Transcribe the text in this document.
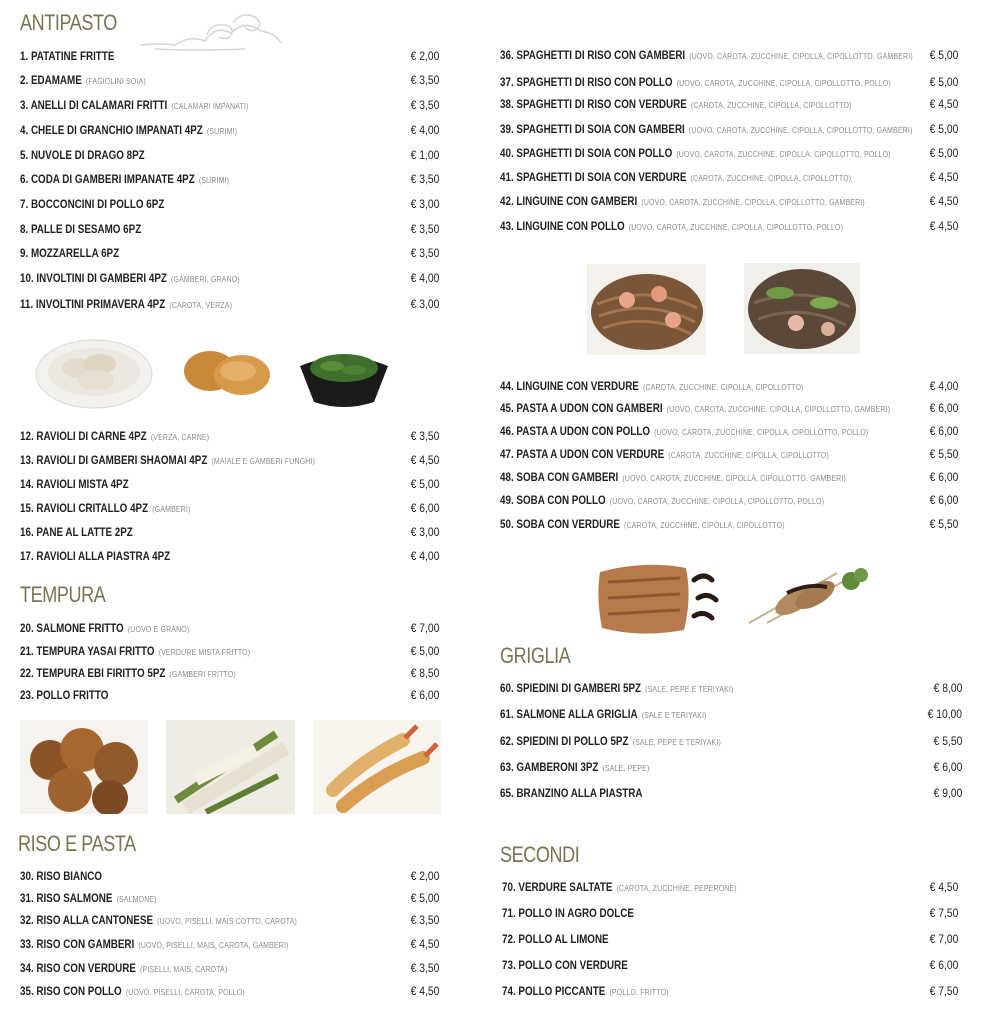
ANTIPASTO
1. PATATINE FRITTE	€ 2,00
2. EDAMAME (FAGIOLINI SOIA)	€ 3,50
3. ANELLI DI CALAMARI FRITTI (CALAMARI IMPANATI)	€ 3,50
4. CHELE DI GRANCHIO IMPANATI 4PZ (SURIMI)	€ 4,00
5. NUVOLE DI DRAGO 8PZ	€ 1,00
6. CODA DI GAMBERI IMPANATE 4PZ (SURIMI)	€ 3,50
7. BOCCONCINI DI POLLO 6PZ	€ 3,00
8. PALLE DI SESAMO 6PZ	€ 3,50
9. MOZZARELLA 6PZ	€ 3,50
10. INVOLTINI DI GAMBERI 4PZ (GAMBERI, GRANO)	€ 4,00
11. INVOLTINI PRIMAVERA 4PZ (CAROTA, VERZA)	€ 3,00
12. RAVIOLI DI CARNE 4PZ (VERZA, CARNE)	€ 3,50
13. RAVIOLI DI GAMBERI SHAOMAI 4PZ (MAIALE E GAMBERI FUNGHI)	€ 4,50
14. RAVIOLI MISTA 4PZ	€ 5,00
15. RAVIOLI CRITALLO 4PZ (GAMBERI)	€ 6,00
16. PANE AL LATTE 2PZ	€ 3,00
17. RAVIOLI ALLA PIASTRA 4PZ	€ 4,00
TEMPURA
20. SALMONE FRITTO (UOVO E GRANO)	€ 7,00
21. TEMPURA YASAI FRITTO (VERDURE MISTA FRITTO)	€ 5,00
22. TEMPURA EBI FIRITTO 5PZ (GAMBERI FRITTO)	€ 8,50
23. POLLO FRITTO	€ 6,00
RISO E PASTA
30. RISO BIANCO	€ 2,00
31. RISO SALMONE (SALMONE)	€ 5,00
32. RISO ALLA CANTONESE (UOVO, PISELLI, MAIS COTTO, CAROTA)	€ 3,50
33. RISO CON GAMBERI (UOVO, PISELLI, MAIS, CAROTA, GAMBERI)	€ 4,50
34. RISO CON VERDURE (PISELLI, MAIS, CAROTA)	€ 3,50
35. RISO CON POLLO (UOVO, PISELLI, CAROTA, POLLO)	€ 4,50
36. SPAGHETTI DI RISO CON GAMBERI (UOVO, CAROTA, ZUCCHINE, CIPOLLA, CIPOLLOTTO, GAMBERI)	€ 5,00
37. SPAGHETTI DI RISO CON POLLO (UOVO, CAROTA, ZUCCHINE, CIPOLLA, CIPOLLOTTO, POLLO)	€ 5,00
38. SPAGHETTI DI RISO CON VERDURE (CAROTA, ZUCCHINE, CIPOLLA, CIPOLLOTTO)	€ 4,50
39. SPAGHETTI DI SOIA CON GAMBERI (UOVO, CAROTA, ZUCCHINE, CIPOLLA, CIPOLLOTTO, GAMBERI)	€ 5,00
40. SPAGHETTI DI SOIA CON POLLO (UOVO, CAROTA, ZUCCHINE, CIPOLLA, CIPOLLOTTO, POLLO)	€ 5,00
41. SPAGHETTI DI SOIA CON VERDURE (CAROTA, ZUCCHINE, CIPOLLA, CIPOLLOTTO)	€ 4,50
42. LINGUINE CON GAMBERI (UOVO, CAROTA, ZUCCHINE, CIPOLLA, CIPOLLOTTO, GAMBERI)	€ 4,50
43. LINGUINE CON POLLO (UOVO, CAROTA, ZUCCHINE, CIPOLLA, CIPOLLOTTO, POLLO)	€ 4,50
44. LINGUINE CON VERDURE (CAROTA, ZUCCHINE, CIPOLLA, CIPOLLOTTO)	€ 4,00
45. PASTA A UDON CON GAMBERI (UOVO, CAROTA, ZUCCHINE, CIPOLLA, CIPOLLOTTO, GAMBERI)	€ 6,00
46. PASTA A UDON CON POLLO (UOVO, CAROTA, ZUCCHINE, CIPOLLA, CIPOLLOTTO, POLLO)	€ 6,00
47. PASTA A UDON CON VERDURE (CAROTA, ZUCCHINE, CIPOLLA, CIPOLLOTTO)	€ 5,50
48. SOBA CON GAMBERI (UOVO, CAROTA, ZUCCHINE, CIPOLLA, CIPOLLOTTO, GAMBERI)	€ 6,00
49. SOBA CON POLLO (UOVO, CAROTA, ZUCCHINE, CIPOLLA, CIPOLLOTTO, POLLO)	€ 6,00
50. SOBA CON VERDURE (CAROTA, ZUCCHINE, CIPOLLA, CIPOLLOTTO)	€ 5,50
GRIGLIA
60. SPIEDINI DI GAMBERI 5PZ (SALE, PEPE E TERIYAKI)	€ 8,00
61. SALMONE ALLA GRIGLIA (SALE E TERIYAKI)	€ 10,00
62. SPIEDINI DI POLLO 5PZ (SALE, PEPE E TERIYAKI)	€ 5,50
63. GAMBERONI 3PZ (SALE, PEPE)	€ 6,00
65. BRANZINO ALLA PIASTRA	€ 9,00
SECONDI
70. VERDURE SALTATE (CAROTA, ZUCCHINE, PEPERONE)	€ 4,50
71. POLLO IN AGRO DOLCE	€ 7,50
72. POLLO AL LIMONE	€ 7,00
73. POLLO CON VERDURE	€ 6,00
74. POLLO PICCANTE (POLLO, FRITTO)	€ 7,50
